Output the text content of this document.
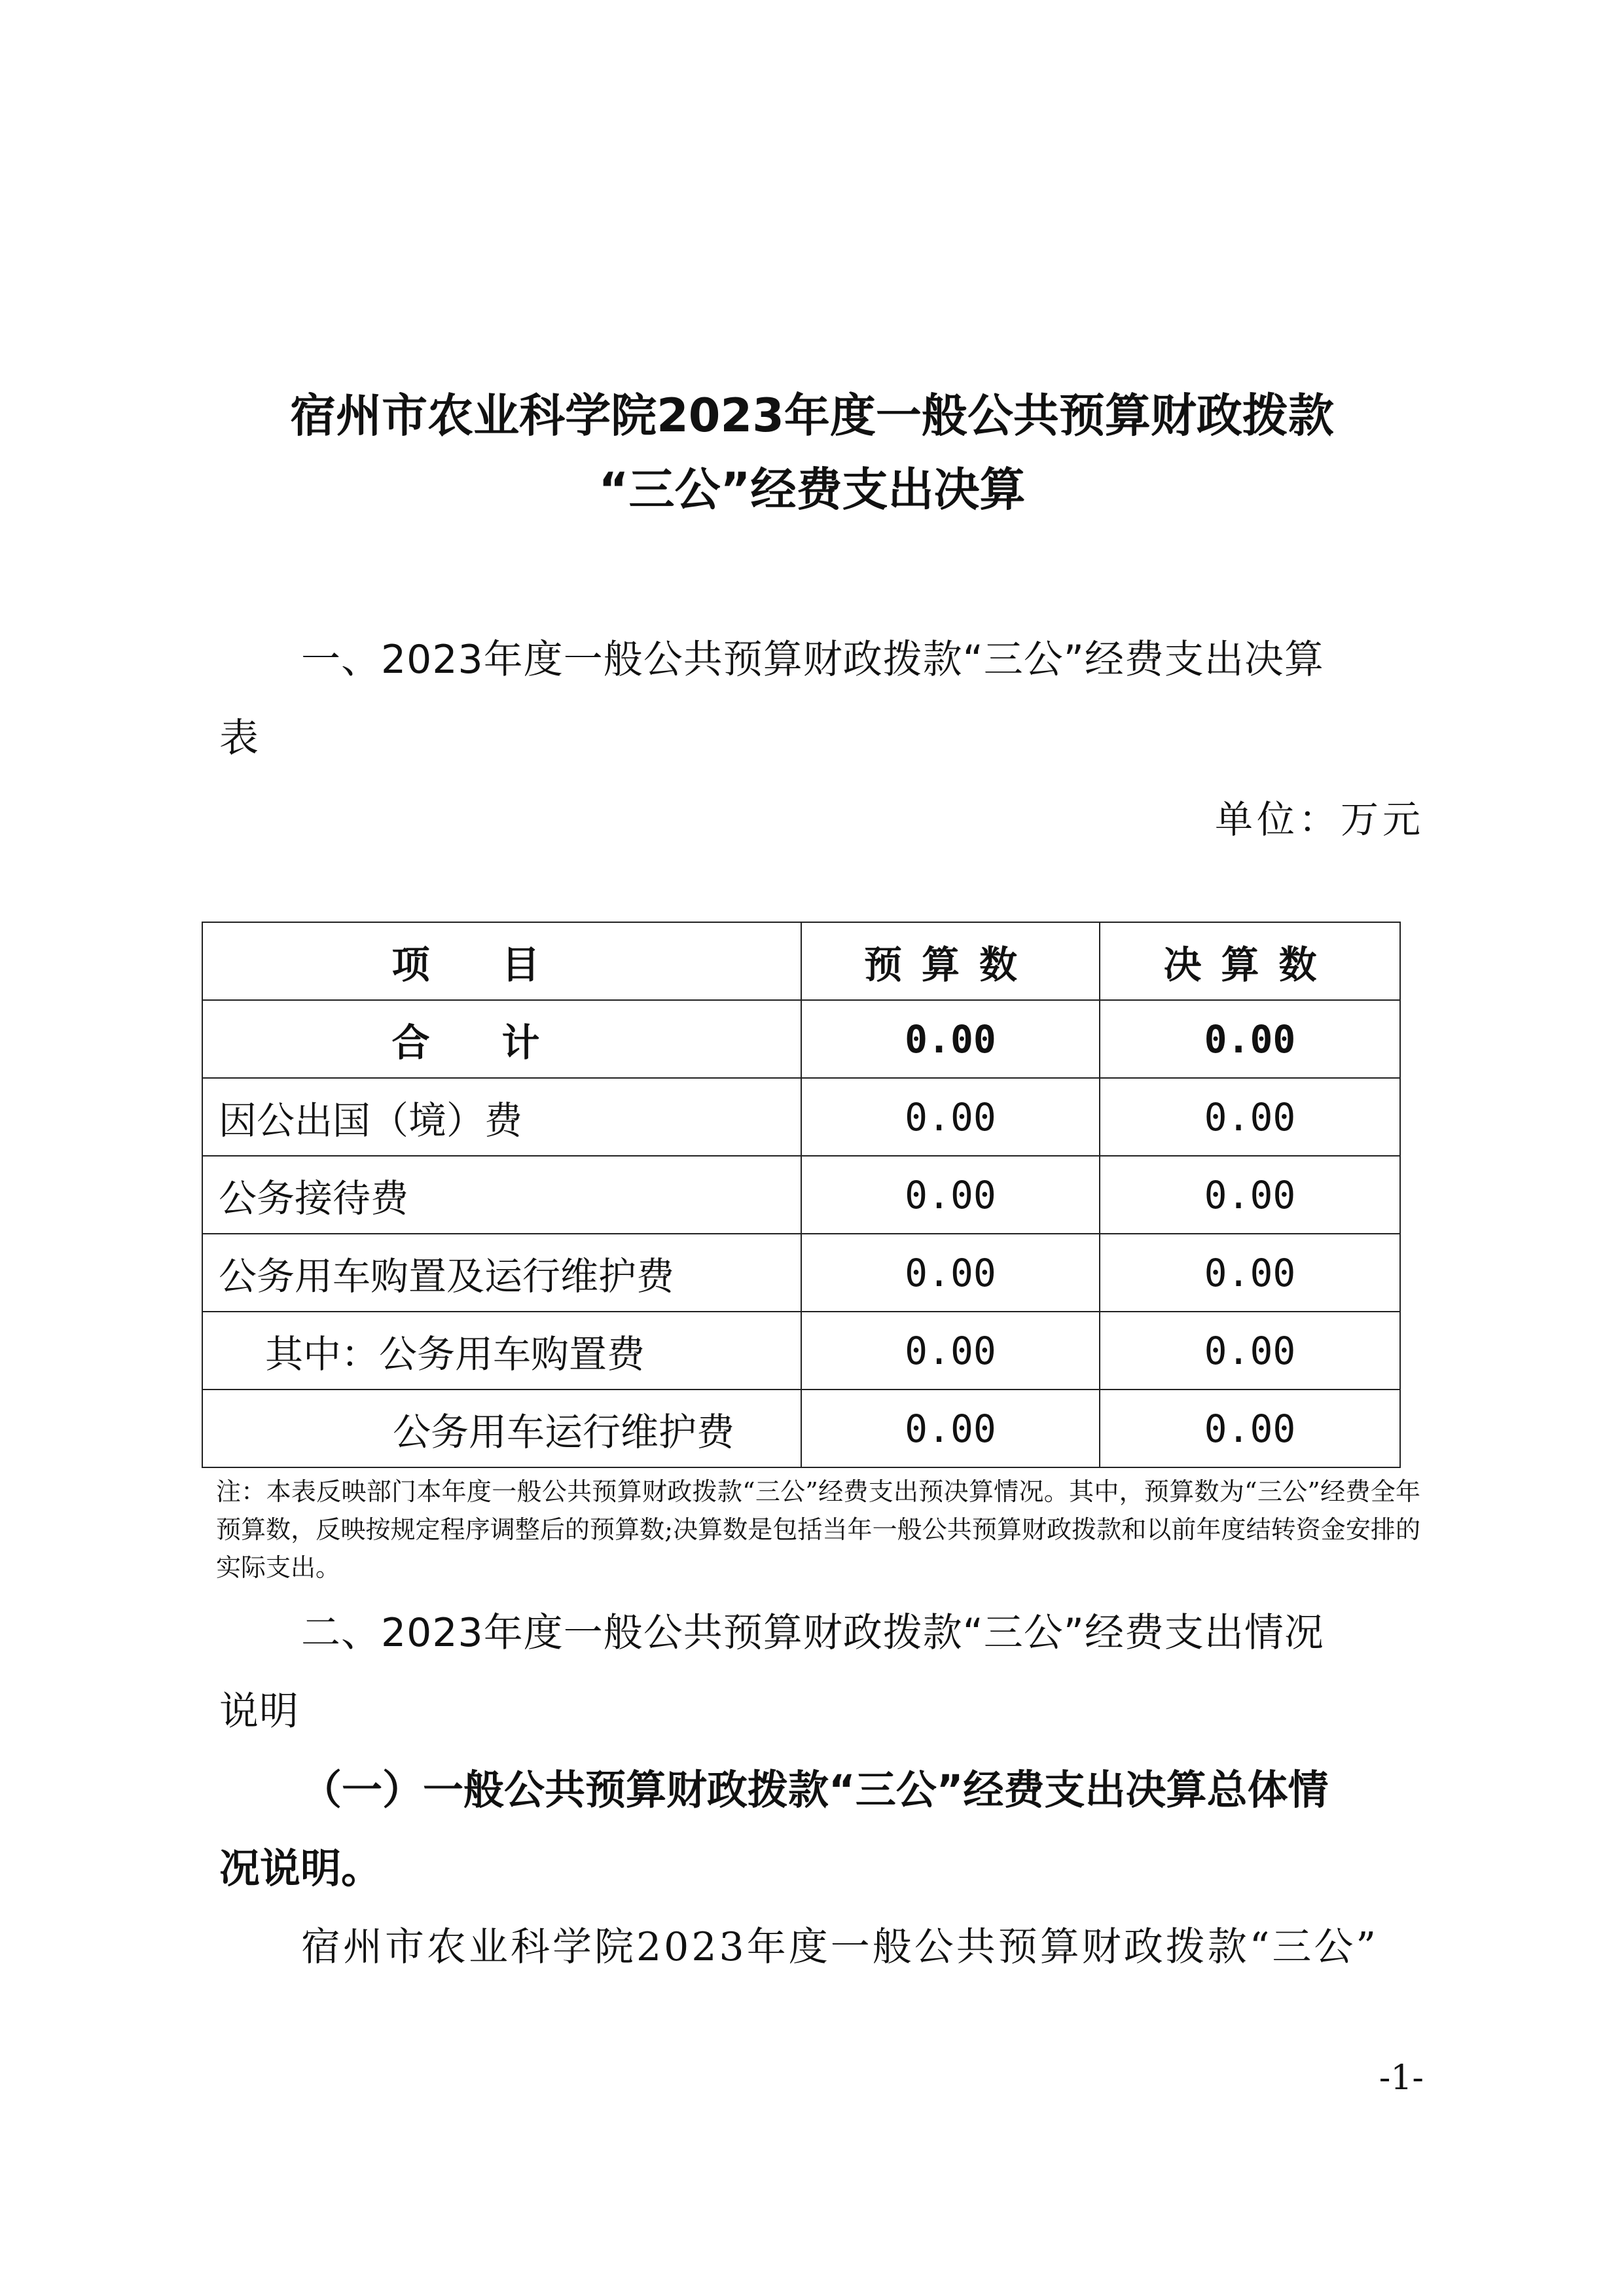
宿州市农业科学院2023年度一般公共预算财政拨款
“三公”经费支出决算
一、2023年度一般公共预算财政拨款“三公”经费支出决算
表
单位：万元
项目	预算数	决算数
合计	0.00	0.00
因公出国（境）费	0.00	0.00
公务接待费	0.00	0.00
公务用车购置及运行维护费	0.00	0.00
其中：公务用车购置费	0.00	0.00
公务用车运行维护费	0.00	0.00
注：本表反映部门本年度一般公共预算财政拨款“三公”经费支出预决算情况。其中，预算数为“三公”经费全年预算数，反映按规定程序调整后的预算数;决算数是包括当年一般公共预算财政拨款和以前年度结转资金安排的实际支出。
二、2023年度一般公共预算财政拨款“三公”经费支出情况
说明
（一）一般公共预算财政拨款“三公”经费支出决算总体情
况说明。
宿州市农业科学院2023年度一般公共预算财政拨款“三公”
-1-
